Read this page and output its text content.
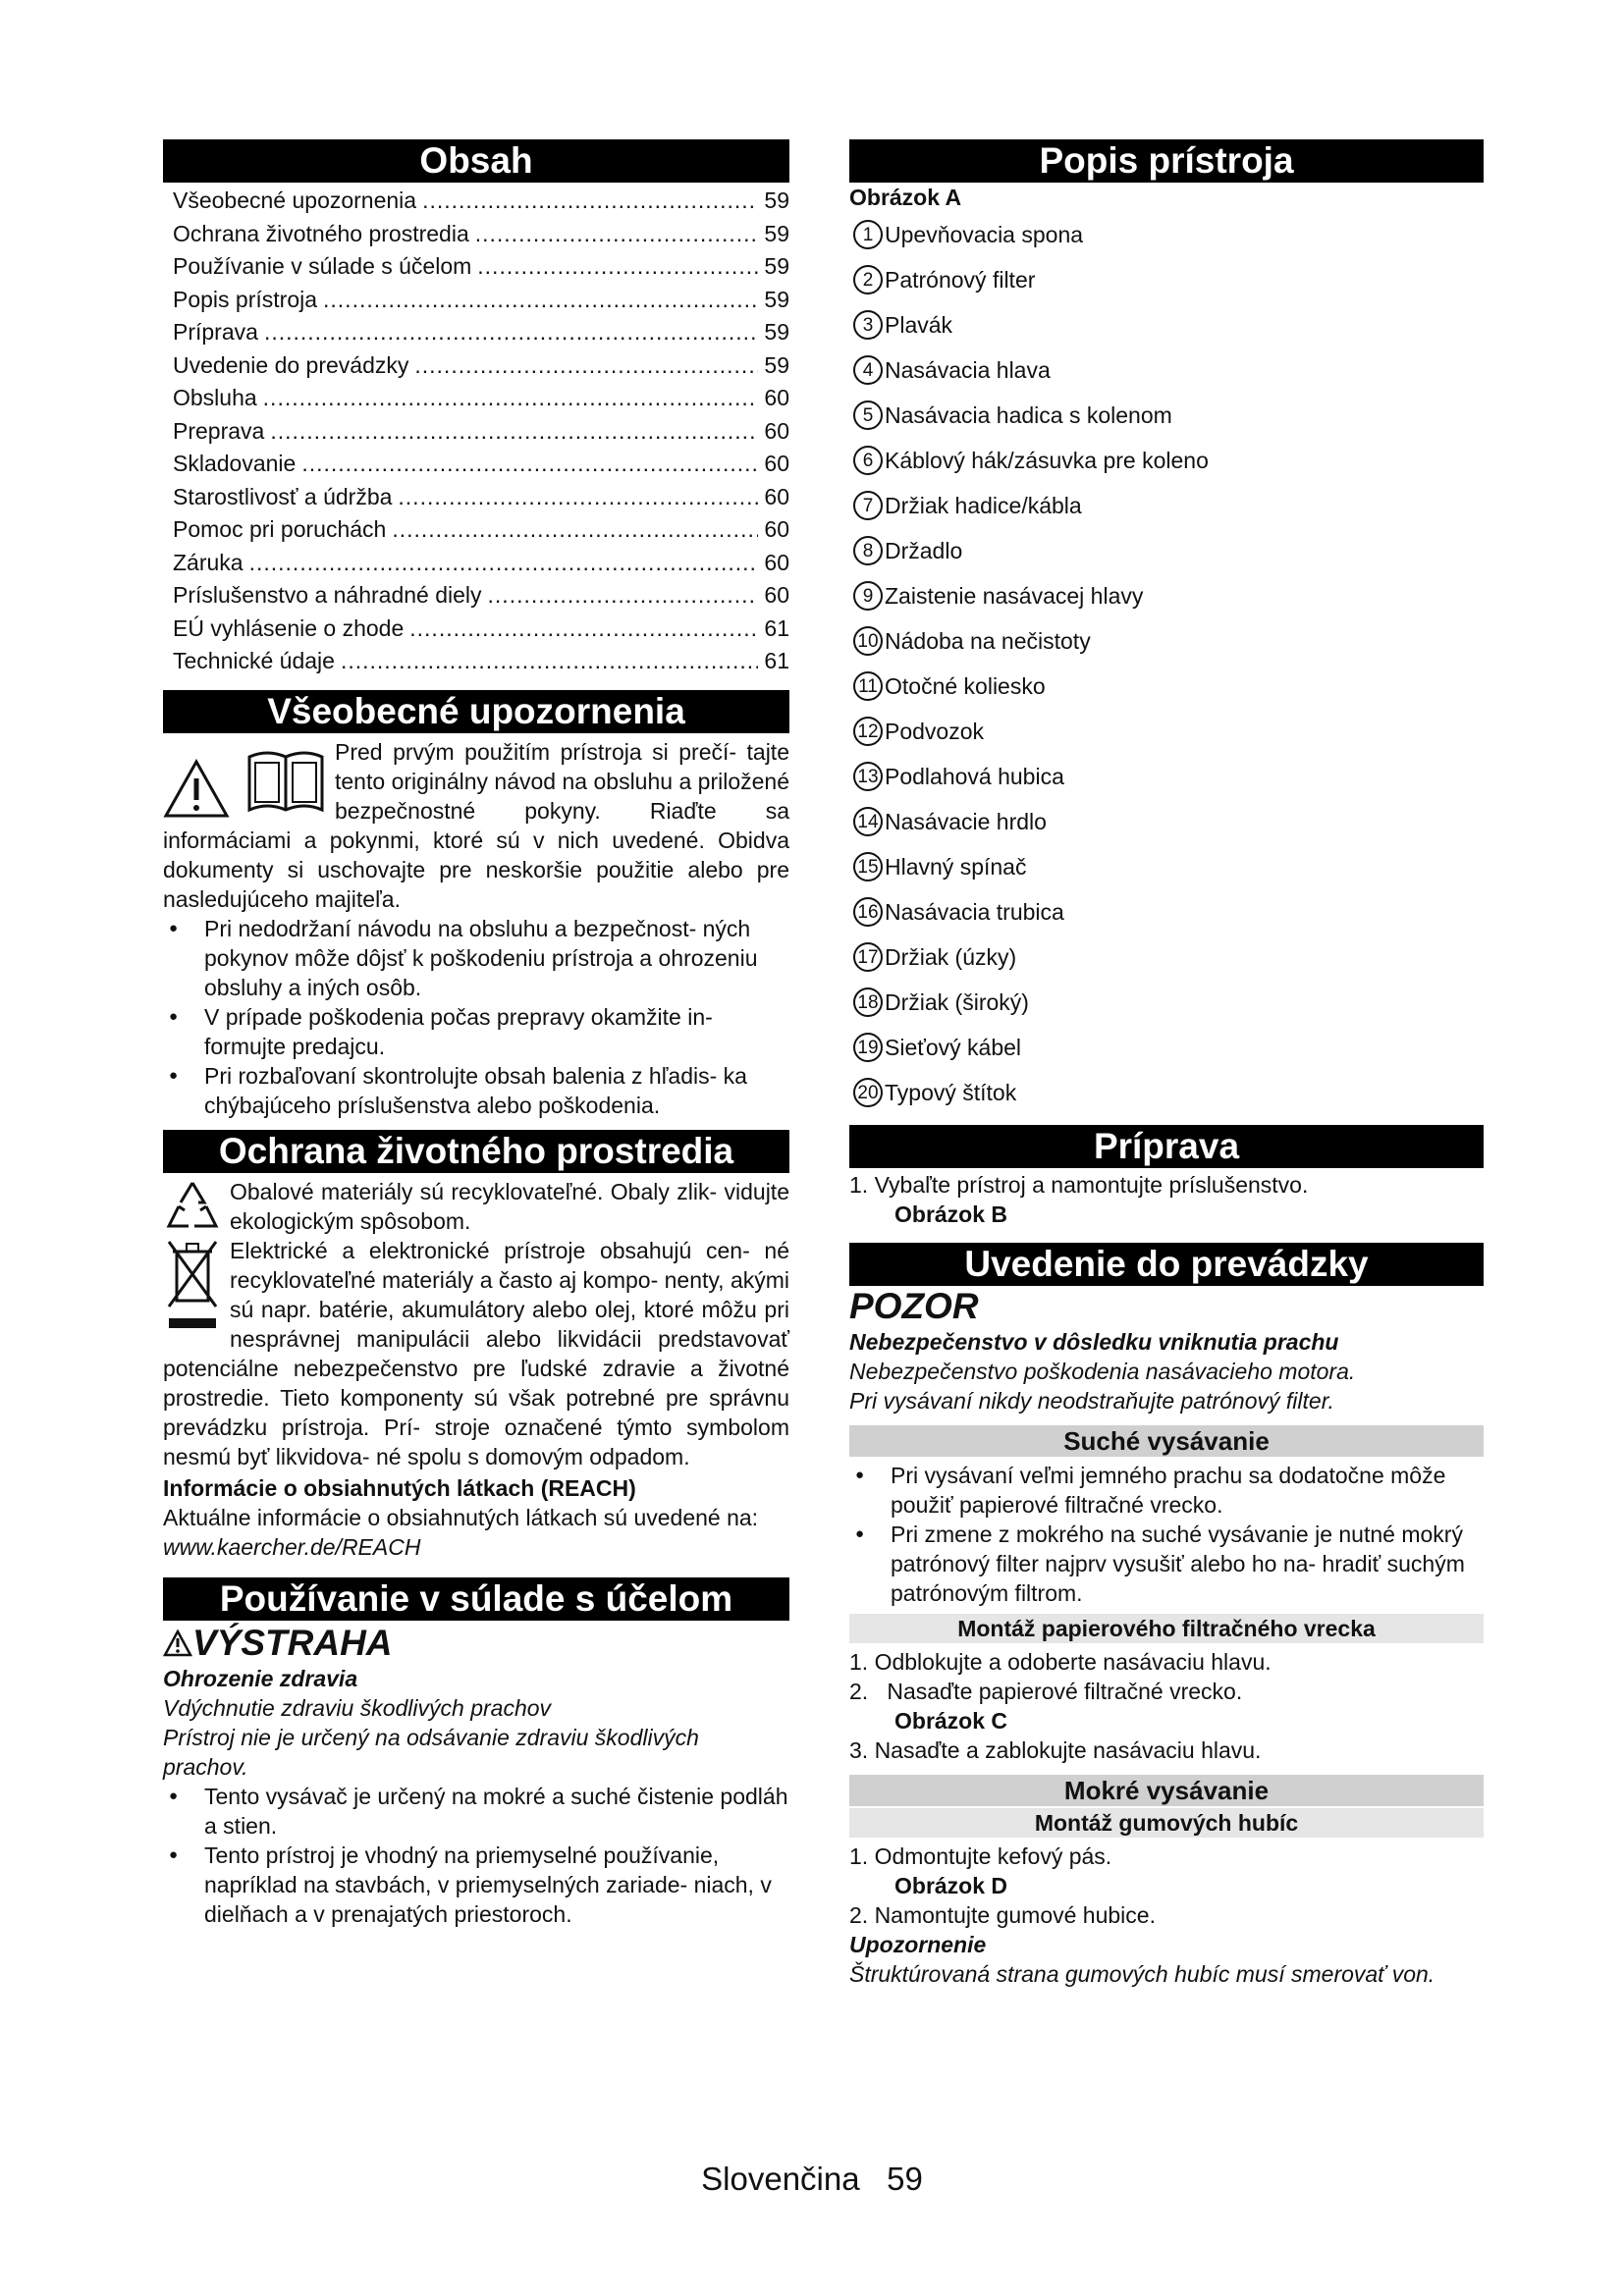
Obsah
Všeobecné upozornenia .....	59
Ochrana životného prostredia .....	59
Používanie v súlade s účelom .....	59
Popis prístroja .....	59
Príprava .....	59
Uvedenie do prevádzky .....	59
Obsluha .....	60
Preprava .....	60
Skladovanie .....	60
Starostlivosť a údržba .....	60
Pomoc pri poruchách .....	60
Záruka .....	60
Príslušenstvo a náhradné diely .....	60
EÚ vyhlásenie o zhode .....	61
Technické údaje .....	61
Všeobecné upozornenia

Pred prvým použitím prístroja si prečí- tajte tento originálny návod na obsluhu a priložené bezpečnostné pokyny. Riaďte sa informáciami a pokynmi, ktoré sú v nich uvedené. Obidva dokumenty si uschovajte pre neskoršie použitie alebo pre nasledujúceho majiteľa.

● Pri nedodržaní návodu na obsluhu a bezpečnost- ných pokynov môže dôjsť k poškodeniu prístroja a ohrozeniu obsluhy a iných osôb.
● V prípade poškodenia počas prepravy okamžite in- formujte predajcu.
● Pri rozbaľovaní skontrolujte obsah balenia z hľadis- ka chýbajúceho príslušenstva alebo poškodenia.
Ochrana životného prostredia

Obalové materiály sú recyklovateľné. Obaly zlik- vidujte ekologickým spôsobom.

Elektrické a elektronické prístroje obsahujú cen- né recyklovateľné materiály a často aj kompo- nenty, akými sú napr. batérie, akumulátory alebo olej, ktoré môžu pri nesprávnej manipulácii alebo likvidácii predstavovať potenciálne nebezpečenstvo pre ľudské zdravie a životné prostredie. Tieto komponenty sú však potrebné pre správnu prevádzku prístroja. Prí- stroje označené týmto symbolom nesmú byť likvidova- né spolu s domovým odpadom.

Informácie o obsiahnutých látkach (REACH)

Aktuálne informácie o obsiahnutých látkach sú uvedené na: www.kaercher.de/REACH

Používanie v súlade s účelom
VÝSTRAHA

Ohrozenie zdravia

Vdýchnutie zdraviu škodlivých prachov

Prístroj nie je určený na odsávanie zdraviu škodlivých prachov.

● Tento vysávač je určený na mokré a suché čistenie podláh a stien.
● Tento prístroj je vhodný na priemyselné používanie, napríklad na stavbách, v priemyselných zariade- niach, v dielňach a v prenajatých priestoroch.
Popis prístroja

Obrázok A

1 Upevňovacia spona
2 Patrónový filter
3 Plavák
4 Nasávacia hlava
5 Nasávacia hadica s kolenom
6 Káblový hák/zásuvka pre koleno
7 Držiak hadice/kábla
8 Držadlo
9 Zaistenie nasávacej hlavy
10 Nádoba na nečistoty
11 Otočné koliesko
12 Podvozok
13 Podlahová hubica
14 Nasávacie hrdlo
15 Hlavný spínač
16 Nasávacia trubica
17 Držiak (úzky)
18 Držiak (široký)
19 Sieťový kábel
20 Typový štítok
Príprava

1. Vybaľte prístroj a namontujte príslušenstvo.

Obrázok B

Uvedenie do prevádzky
POZOR

Nebezpečenstvo v dôsledku vniknutia prachu

Nebezpečenstvo poškodenia nasávacieho motora.

Pri vysávaní nikdy neodstraňujte patrónový filter.

Suché vysávanie
● Pri vysávaní veľmi jemného prachu sa dodatočne môže použiť papierové filtračné vrecko.
● Pri zmene z mokrého na suché vysávanie je nutné mokrý patrónový filter najprv vysušiť alebo ho na- hradiť suchým patrónovým filtrom.
Montáž papierového filtračného vrecka

1. Odblokujte a odoberte nasávaciu hlavu.

2.   Nasaďte papierové filtračné vrecko.

Obrázok C

3. Nasaďte a zablokujte nasávaciu hlavu.

Mokré vysávanie
Montáž gumových hubíc

1. Odmontujte kefový pás.

Obrázok D

2. Namontujte gumové hubice.

Upozornenie

Štruktúrovaná strana gumových hubíc musí smerovať von.

Slovenčina 59
